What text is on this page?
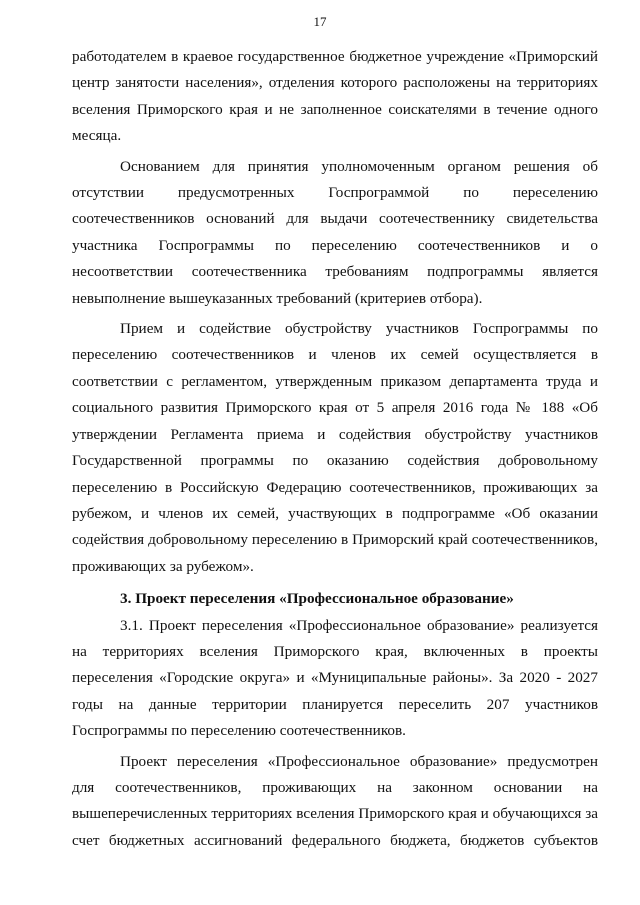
17

работодателем в краевое государственное бюджетное учреждение «Приморский центр занятости населения», отделения которого расположены на территориях вселения Приморского края и не заполненное соискателями в течение одного месяца.

Основанием для принятия уполномоченным органом решения об отсутствии предусмотренных Госпрограммой по переселению соотечественников оснований для выдачи соотечественнику свидетельства участника Госпрограммы по переселению соотечественников и о несоответствии соотечественника требованиям подпрограммы является невыполнение вышеуказанных требований (критериев отбора).

Прием и содействие обустройству участников Госпрограммы по переселению соотечественников и членов их семей осуществляется в соответствии с регламентом, утвержденным приказом департамента труда и социального развития Приморского края от 5 апреля 2016 года № 188 «Об утверждении Регламента приема и содействия обустройству участников Государственной программы по оказанию содействия добровольному переселению в Российскую Федерацию соотечественников, проживающих за рубежом, и членов их семей, участвующих в подпрограмме «Об оказании содействия добровольному переселению в Приморский край соотечественников, проживающих за рубежом».

3. Проект переселения «Профессиональное образование»

3.1. Проект переселения «Профессиональное образование» реализуется на территориях вселения Приморского края, включенных в проекты переселения «Городские округа» и «Муниципальные районы». За 2020 - 2027 годы на данные территории планируется переселить 207 участников Госпрограммы по переселению соотечественников.

Проект переселения «Профессиональное образование» предусмотрен для соотечественников, проживающих на законном основании на вышеперечисленных территориях вселения Приморского края и обучающихся за счет бюджетных ассигнований федерального бюджета, бюджетов субъектов
